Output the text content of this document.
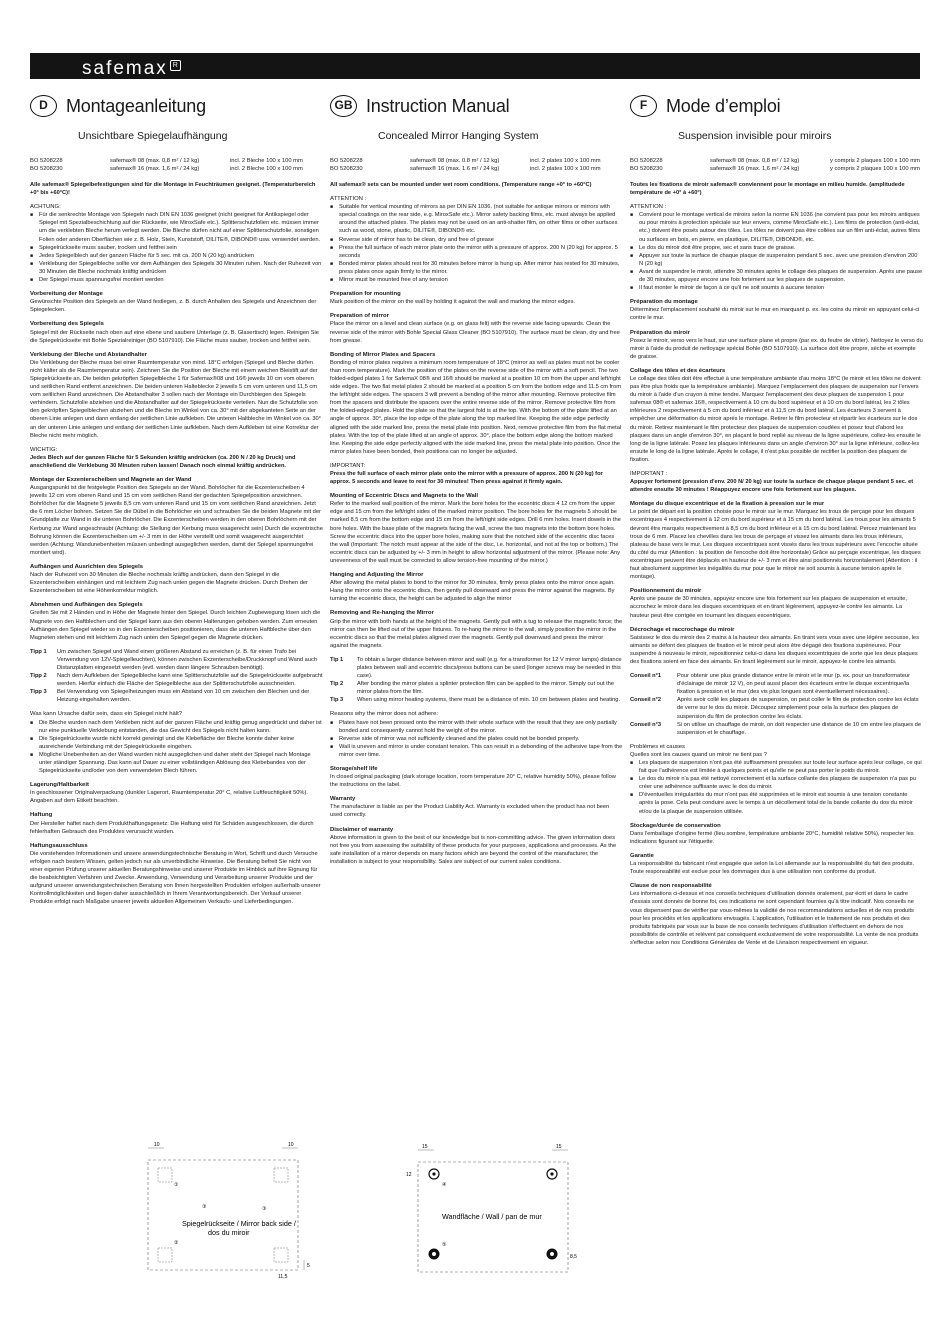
safemax R
D	Montageanleitung
Unsichtbare Spiegelaufhängung
BO 5208228	safemax® 08 (max. 0,8 m² / 12 kg)	incl. 2 Bleche 100 x 100 mm
BO 5208230	safemax® 16 (max. 1,6 m² / 24 kg)	incl. 2 Bleche 100 x 100 mm

Alle safemax® Spiegelbefestigungen sind für die Montage in Feuchträumen geeignet. (Temperaturbereich +0° bis +60°C)!

ACHTUNG:
■ Für die senkrechte Montage von Spiegeln nach DIN EN 1036 geeignet (nicht geeignet für Antikspiegel oder Spiegel mit Spezialbeschichtung auf der Rückseite, wie MiroxSafe etc.). Splitterschutzfolien etc. müssen immer um die verklebten Bleche herum verlegt werden. Die Bleche dürfen nicht auf einer Splitterschutzfolie, sonstigen Folien oder anderen Oberflächen wie z. B. Holz, Stein, Kunststoff, DILITE®, DIBOND® usw. verwendet werden.
■ Spiegelrückseite muss sauber, trocken und fettfrei sein
■ Jedes Spiegelblech auf der ganzen Fläche für 5 sec. mit ca. 200 N (20 kg) andrücken
■ Verklebung der Spiegelbleche sollte vor dem Aufhängen des Spiegels 30 Minuten ruhen. Nach der Ruhezeit von 30 Minuten die Bleche nochmals kräftig andrücken
■ Der Spiegel muss spannungsfrei montiert werden
Vorbereitung der Montage

Gewünschte Position des Spiegels an der Wand festlegen, z. B. durch Anhalten des Spiegels und Anzeichnen der Spiegelecken.

Vorbereitung des Spiegels

Spiegel mit der Rückseite nach oben auf eine ebene und saubere Unterlage (z. B. Glasertisch) legen. Reinigen Sie die Spiegelrückseite mit Bohle Spezialreiniger (BO 5107910). Die Fläche muss sauber, trocken und fettfrei sein.

Verklebung der Bleche und Abstandhalter

Die Verklebung der Bleche muss bei einer Raumtemperatur von mind. 18°C erfolgen (Spiegel und Bleche dürfen nicht kälter als die Raumtemperatur sein). Zeichnen Sie die Position der Bleche mit einem weichen Bleistift auf der Spiegelrückseite an. Die beiden gekröpften Spiegelbleche 1 für Safemax®08 und 16® jeweils 10 cm vom oberen und seitlichen Rand entfernt anzeichnen. Die beiden unteren Halteblecke 2 jeweils 5 cm vom unteren und 11,5 cm vom seitlichen Rand anzeichnen. Die Abstandhalter 3 sollen nach der Montage ein Durchbiegen des Spiegels verhindern. Schutzfolie abziehen und die Abstandhalter auf der Spiegelrückseite verteilen. Nun die Schutzfolie von den gekröpften Spiegelblechen abziehen und die Bleche im Winkel von ca. 30° mit der abgekanteten Seite an der oberen Linie anlegen und dann entlang der seitlichen Linie aufkleben. Die unteren Haltbleche im Winkel von ca. 30° an der unteren Linie anlegen und entlang der seitlichen Linie aufkleben. Nach dem Aufkleben ist eine Korrektur der Bleche nicht mehr möglich.

WICHTIG:

Jedes Blech auf der ganzen Fläche für 5 Sekunden kräftig andrücken (ca. 200 N / 20 kg Druck) und anschließend die Verklebung 30 Minuten ruhen lassen! Danach noch einmal kräftig andrücken.

Montage der Exzenterscheiben und Magnete an der Wand

Ausgangspunkt ist die festgelegte Position des Spiegels an der Wand. Bohrlöcher für die Exzenterscheiben 4 jeweils 12 cm vom oberen Rand und 15 cm vom seitlichen Rand der gedachten Spiegelposition anzeichnen. Bohrlöcher für die Magnete 5 jeweils 8,5 cm vom unteren Rand und 15 cm vom seitlichen Rand anzeichnen. Jetzt die 6 mm Löcher bohren. Setzen Sie die Dübel in die Bohrlöcher ein und schrauben Sie die beiden Magnete mit der Grundplatte zur Wand in die unteren Bohrlöcher. Die Exzenterscheiben werden in den oberen Bohrlöchern mit der Kerbung zur Wand angeschraubt (Achtung: die Stellung der Kerbung muss waagerecht sein) Durch die exzentrische Bohrung können die Exzenterscheiben um +/- 3 mm in der Höhe verstellt und somit waagerecht ausgerichtet werden (Achtung: Wandunebenheiten müssen unbedingt ausgeglichen werden, damit der Spiegel spannungsfrei montiert wird).

Aufhängen und Ausrichten des Spiegels

Nach der Ruhezeit von 30 Minuten die Bleche nochmals kräftig andrücken, dann den Spiegel in die Exzenterscheiben einhängen und mit leichtem Zug nach unten gegen die Magnete drücken. Durch Drehen der Exzenterscheiben ist eine Höhenkorrektur möglich.

Abnehmen und Aufhängen des Spiegels

Greifen Sie mit 2 Händen und in Höhe der Magnete hinter den Spiegel. Durch leichten Zugbewegung lösen sich die Magnete von den Haftblechen und der Spiegel kann aus den oberen Halterungen gehoben werden. Zum erneuten Aufhängen den Spiegel wieder so in den Exzenterscheiben positionieren, dass die unteren Haftbleche über den Magneten stehen und mit leichtem Zug nach unten den Spiegel gegen die Magnete drücken.

Tipp 1	Um zwischen Spiegel und Wand einen größeren Abstand zu erreichen (z. B. für einen Trafo bei Verwendung von 12V-Spiegelleuchten), können zwischen Exzenterscheibe/Druckknopf und Wand auch Distanzplatten eingesetzt werden (evtl. werden dann längere Schrauben benötigt).
Tipp 2	Nach dem Aufkleben der Spiegelbleche kann eine Splitterschutzfolie auf die Spiegelrückseite aufgebracht werden. Hierfür einfach die Fläche der Spiegelbleche aus der Splitterschutzfolie ausschneiden.
Tipp 3	Bei Verwendung von Spiegelheizungen muss ein Abstand von 10 cm zwischen den Blechen und der Heizung eingehalten werden.
Was kann Ursache dafür sein, dass ein Spiegel nicht hält?
■ Die Bleche wurden nach dem Verkleben nicht auf der ganzen Fläche und kräftig genug angedrückt und daher ist nur eine punktuelle Verklebung entstanden, die das Gewicht des Spiegels nicht halten kann.
■ Die Spiegelrückseite wurde nicht korrekt gereinigt und die Klebefläche der Bleche konnte daher keine ausreichende Verbindung mit der Spiegelrückseite eingehen.
■ Mögliche Unebenheiten an der Wand wurden nicht ausgeglichen und daher steht der Spiegel nach Montage unter ständiger Spannung. Das kann auf Dauer zu einer vollständigen Ablösung des Klebebandes von der Spiegelrückseite und/oder von dem verwendeten Blech führen.
Lagerung/Haltbarkeit

In geschlossener Originalverpackung (dunkler Lagerort, Raumtemperatur 20° C, relative Luftfeuchtigkeit 50%). Angaben auf dem Etikett beachten.

Haftung

Der Hersteller haftet nach dem Produkthaftungsgesetz: Die Haftung wird für Schäden ausgeschlossen, die durch fehlerhaften Gebrauch des Produktes verursacht wurden.

Haftungsausschluss

Die vorstehenden Informationen und unsere anwendungstechnische Beratung in Wort, Schrift und durch Versuche erfolgen nach bestem Wissen, gelten jedoch nur als unverbindliche Hinweise. Die Beratung befreit Sie nicht von einer eigenen Prüfung unserer aktuellen Beratungshinweise und unserer Produkte im Hinblick auf ihre Eignung für die beabsichtigten Verfahren und Zwecke. Anwendung, Verwendung und Verarbeitung unserer Produkte und der aufgrund unserer anwendungstechnischen Beratung von Ihnen hergestellten Produkten erfolgen außerhalb unserer Kontrollmöglichkeiten und liegen daher ausschließlich in Ihrem Verantwortungsbereich. Der Verkauf unserer Produkte erfolgt nach Maßgabe unserer jeweils aktuellen Allgemeinen Verkaufs- und Lieferbedingungen.

GB Instruction Manual
Concealed Mirror Hanging System
BO 5208228	safemax® 08 (max. 0.8 m² / 12 kg)	incl. 2 plates 100 x 100 mm
BO 5208230	safemax® 16 (max. 1.6 m² / 24 kg)	incl. 2 plates 100 x 100 mm

All safemax® sets can be mounted under wet room conditions. (Temperature range +0° to +60°C)

ATTENTION :
■ Suitable for vertical mounting of mirrors as per DIN EN 1036. (not suitable for antique mirrors or mirrors with special coatings on the rear side, e.g. MiroxSafe etc.). Mirror safety backing films, etc. must always be applied around the attached plates. The plates may not be used on an anti-shatter film, on other films or other surfaces such as wood, stone, plastic, DILITE®, DIBOND® etc.
■ Reverse side of mirror has to be clean, dry and free of grease
■ Press the full surface of each mirror plate onto the mirror with a pressure of approx. 200 N (20 kg) for approx. 5 seconds
■ Bonded mirror plates should rest for 30 minutes before mirror is hung up. After mirror has rested for 30 minutes, press plates once again firmly to the mirror.
■ Mirror must be mounted free of any tension
Preparation for mounting

Mark position of the mirror on the wall by holding it against the wall and marking the mirror edges.

Preparation of mirror

Place the mirror on a level and clean surface (e.g. on glass felt) with the reverse side facing upwards. Clean the reverse side of the mirror with Bohle Special Glass Cleaner (BO 5107910). The surface must be clean, dry and free from grease.

Bonding of Mirror Plates and Spacers

Bonding of mirror plates requires a minimum room temperature of 18°C (mirror as well as plates must not be cooler than room temperature). Mark the position of the plates on the reverse side of the mirror with a soft pencil. The two folded-edged plates 1 for SafemaX 08® and 16® should be marked at a position 10 cm from the upper and left/right side edges. The two flat metal plates 2 should be marked at a position 5 cm from the bottom edge and 11.5 cm from the left/right side edges. The spacers 3 will prevent a bending of the mirror after mounting. Remove protective film from the spacers and distribute the spacers over the entire reverse side of the mirror. Remove protective film from the folded-edged plates. Hold the plate so that the largest fold is at the top. With the bottom of the plate lifted at an angle of approx. 30°, place the top edge of the plate along the top marked line. Keeping the side edge perfectly aligned with the side marked line, press the metal plate into position. Next, remove protective film from the flat metal plates. With the top of the plate lifted at an angle of approx. 30°, place the bottom edge along the bottom marked line. Keeping the side edge perfectly aligned with the side marked line, press the metal plate into position. Once the mirror plates have been bonded, their positions can no longer be adjusted.

IMPORTANT:

Press the full surface of each mirror plate onto the mirror with a pressure of approx. 200 N (20 kg) for approx. 5 seconds and leave to rest for 30 minutes! Then press against it firmly again.

Mounting of Eccentric Discs and Magnets to the Wall

Refer to the marked wall position of the mirror. Mark the bore holes for the eccentric discs 4 12 cm from the upper edge and 15 cm from the left/right sides of the marked mirror position. The bore holes for the magnets 5 should be marked 8.5 cm from the bottom edge and 15 cm from the left/right side edges. Drill 6 mm holes. Insert dowels in the bore holes. With the base plate of the magnets facing the wall, screw the two magnets into the bottom bore holes. Screw the eccentric discs into the upper bore holes, making sure that the notched side of the eccentric disc faces the wall (Important: The notch must appear at the side of the disc, i.e. horizontal, and not at the top or bottom.) The eccentric discs can be adjusted by +/- 3 mm in height to allow horizontal adjustment of the mirror. (Please note: Any unevenness of the wall must be corrected to allow tension-free mounting of the mirror.)

Hanging and Adjusting the Mirror

After allowing the metal plates to bond to the mirror for 30 minutes, firmly press plates onto the mirror once again. Hang the mirror onto the eccentric discs, then gently pull downward and press the mirror against the magnets. By turning the eccentric discs, the height can be adjusted to align the mirror

Removing and Re-hanging the Mirror

Grip the mirror with both hands at the height of the magnets. Gently pull with a tug to release the magnetic force; the mirror can then be lifted out of the upper fixtures. To re-hang the mirror to the wall, simply position the mirror in the eccentric discs so that the metal plates aligned over the magnets. Gently pull downward and press the mirror against the magnets.

Tip 1	To obtain a larger distance between mirror and wall (e.g. for a transformer for 12 V mirror lamps) distance plates between wall and eccentric discs/press buttons can be used (longer screws may be needed in this case).
Tip 2	After bonding the mirror plates a splinter protection film can be applied to the mirror. Simply cut out the mirror plates from the film.
Tip 3	When using mirror heating systems, there must be a distance of min. 10 cm between plates and heating.
Reasons why the mirror does not adhere:
■ Plates have not been pressed onto the mirror with their whole surface with the result that they are only partially bonded and consequently cannot hold the weight of the mirror.
■ Reverse side of mirror was not sufficiently cleaned and the plates could not be bonded properly.
■ Wall is uneven and mirror is under constant tension. This can result in a debonding of the adhesive tape from the mirror over time.
Storage/shelf life

In closed original packaging (dark storage location, room temperature 20° C, relative humidity 50%), please follow the instructions on the label.

Warranty

The manufacturer is liable as per the Product Liability Act. Warranty is excluded when the product has not been used correctly.

Disclaimer of warranty

Above information is given to the best of our knowledge but is non-committing advice. The given information does not free you from assessing the suitability of these products for your purposes, applications and processes. As the safe installation of a mirror depends on many factors which are beyond the control of the manufacturer, the installation is subject to your responsibility. Sales are subject of our current sales conditions.

F	Mode d’emploi
Suspension invisible pour miroirs
BO 5208228	safemax® 08 (max. 0,8 m² / 12 kg)	y compris 2 plaques 100 x 100 mm
BO 5208230	safemax® 16 (max. 1,6 m² / 24 kg)	y compris 2 plaques 100 x 100 mm

Toutes les fixations de miroir safemax® conviennent pour le montage en milieu humide. (amplitudede température de +0° à +60°)

ATTENTION :
■ Convient pour le montage vertical de miroirs selon la norme EN 1036 (ne convient pas pour les miroirs antiques ou pour miroirs à protection spéciale sur leur envers, comme MiroxSafe etc.). Les films de protection (anti-éclat, etc.) doivent être posés autour des tôles. Les tôles ne doivent pas être collées sur un film anti-éclat, autres films ou surfaces en bois, en pierre, en plastique, DILITE®, DIBOND®, etc.
■ Le dos du miroir doit être propre, sec et sans trace de graisse.
■ Appuyer sur toute la surface de chaque plaque de suspension pendant 5 sec. avec une pression d'environ 200 N (20 kg)
■ Avant de suspendre le miroir, attendre 30 minutes après le collage des plaques de suspension. Après une pause de 30 minutes, appuyez encore une fois fortement sur les plaques de suspension.
■ Il faut monter le miroir de façon à ce qu'il ne soit soumis à aucune tension
Préparation du montage

Déterminez l'emplacement souhaité du miroir sur le mur en marquant p. ex. les coins du miroir en appuyant celui-ci contre le mur.

Préparation du miroir

Posez le miroir, verso vers le haut, sur une surface plane et propre (par ex. du feutre de vitrier). Nettoyez le verso du miroir à l'aide du produit de nettoyage spécial Bohle (BO 5107910). La surface doit être propre, sèche et exempte de graisse.

Collage des tôles et des écarteurs

Le collage des tôles doit être effectué à une température ambiante d'au moins 18°C (le miroir et les tôles ne doivent pas être plus froids que la température ambiante). Marquez l'emplacement des plaques de suspension sur l'envers du miroir à l'aide d'un crayon à mine tendre. Marquez l'emplacement des deux plaques de suspension 1 pour safemax 08® et safemax 16®, respectivement à 10 cm du bord supérieur et à 10 cm du bord latéral, les 2 tôles inférieures 2 respectivement à 5 cm du bord inférieur et à 11,5 cm du bord latéral. Les écarteurs 3 servent à empêcher une déformation du miroir après le montage. Retirer le film protecteur et répartir les écarteurs sur le dos du miroir. Retirez maintenant le film protecteur des plaques de suspension coudées et posez tout d'abord les plaques dans un angle d'environ 30°, en plaçant le bord replié au niveau de la ligne supérieure, collez-les ensuite le long de la ligne latérale. Posez les plaques inférieures dans un angle d'environ 30° sur la ligne inférieure, collez-les ensuite le long de la ligne latérale. Après le collage, il n'est plus possible de rectifier la position des plaques de fixation.

IMPORTANT :

Appuyer fortement (pression d'env. 200 N/ 20 kg) sur toute la surface de chaque plaque pendant 5 sec. et attendre ensuite 30 minutes ! Réappuyez encore une fois fortement sur les plaques.

Montage du disque excentrique et de la fixation à pression sur le mur

Le point de départ est la position choisie pour le miroir sur le mur. Marquez les trous de perçage pour les disques excentriques 4 respectivement à 12 cm du bord supérieur et à 15 cm du bord latéral. Les trous pour les aimants 5 devront être marqués respectivement à 8,5 cm du bord inférieur et à 15 cm du bord latéral. Percez maintenant les trous de 6 mm. Placez les chevilles dans les trous de perçage et vissez les aimants dans les trous inférieurs, plateau de base vers le mur. Les disques excentriques sont vissés dans les trous supérieurs avec l'encoche située du côté du mur (Attention : la position de l'encoche doit être horizontale) Grâce au perçage excentrique, les disques excentriques peuvent être déplacés en hauteur de +/- 3 mm et être ainsi positionnés horizontalement (Attention : il faut absolument supprimer les inégalités du mur pour que le miroir ne soit soumis à aucune tension après le montage).

Positionnement du miroir

Après une pause de 30 minutes, appuyez encore une fois fortement sur les plaques de suspension et ensuite, accrochez le miroir dans les disques excentriques et en tirant légèrement, appuyez-le contre les aimants. La hauteur peut être corrigée en tournant les disques excentriques.

Décrochage et raccrochage du miroir

Saisissez le dos du miroir des 2 mains à la hauteur des aimants. En tirant vers vous avec une légère secousse, les aimants se défont des plaques de fixation et le miroir peut alors être dégagé des fixations supérieures. Pour suspendre à nouveau le miroir, repositionnez celui-ci dans les disques excentriques de sorte que les deux plaques des fixations soient en face des aimants. En tirant légèrement sur le miroir, appuyez-le contre les aimants.

Conseil n°1	Pour obtenir une plus grande distance entre le miroir et le mur (p. ex. pour un transformateur d'éclairage de miroir 12 V), on peut aussi placer des écarteurs entre le disque excentrique/la fixation à pression et le mur (des vis plus longues sont éventuellement nécessaires).
Conseil n°2	Après avoir collé les plaques de suspension, on peut coller le film de protection contre les éclats de verre sur le dos du miroir. Découpez simplement pour cela la surface des plaques de suspension du film de protection contre les éclats.
Conseil n°3	Si on utilise un chauffage de miroir, on doit respecter une distance de 10 cm entre les plaques de suspension et le chauffage.
Problèmes et causes

Quelles sont les causes quand un miroir ne tient pas ?

■ Les plaques de suspension n'ont pas été suffisamment pressées sur toute leur surface après leur collage, ce qui fait que l'adhérence est limitée à quelques points et qu'elle ne peut pas porter le poids du miroir.
■ Le dos du miroir n'a pas été nettoyé correctement et la surface collante des plaques de suspension n'a pas pu créer une adhérence suffisante avec le dos du miroir.
■ D'éventuelles irrégularités du mur n'ont pas été supprimées et le miroir est soumis à une tension constante après la pose. Cela peut conduire avec le temps à un décollement total de la bande collante du dos du miroir et/ou de la plaque de suspension utilisée.
Stockage/durée de conservation

Dans l'emballage d'origine fermé (lieu sombre, température ambiante 20°C, humidité relative 50%), respecter les indications figurant sur l'étiquette.

Garantie

La responsabilité du fabricant n'est engagée que selon la Loi allemande sur la responsabilité du fait des produits. Toute responsabilité est exclue pour les dommages dus à une utilisation non conforme du produit.

Clause de non responsabilité

Les informations ci-dessus et nos conseils techniques d'utilisation donnés oralement, par écrit et dans le cadre d'essais sont donnés de bonne foi, ces indications ne sont cependant fournies qu'à titre indicatif. Nos conseils ne vous dispensent pas de vérifier par vous-mêmes la validité de nos recommandations actuelles et de nos produits pour les procédés et les applications envisagés. L'application, l'utilisation et le traitement de nos produits et des produits fabriqués par vous sur la base de nos conseils techniques d'utilisation s'effectuent en dehors de nos possibilités de contrôle et relèvent par conséquent exclusivement de votre responsabilité. La vente de nos produits s'effectue selon nos Conditions Générales de Vente et de Livraison respectivement en vigueur.

10	10
5
11,5
①
③	③
②
Spiegelrückseite / Mirror back side /
dos du miroir
15	15
12
8,5
④
⑤
Wandfläche / Wall / pan de mur
